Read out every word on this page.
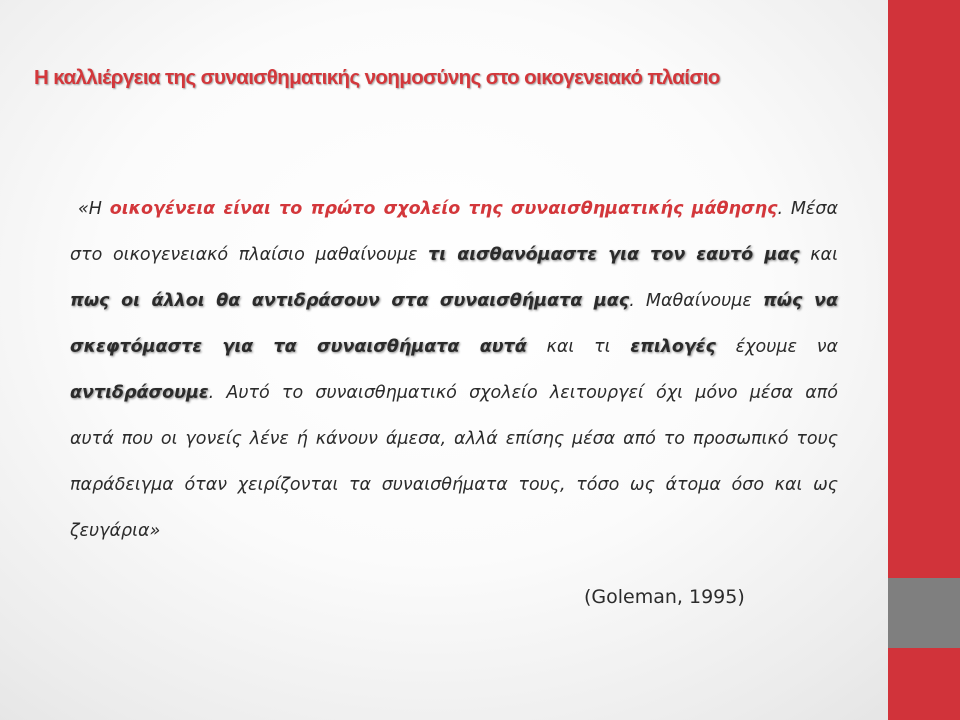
Η καλλιέργεια της συναισθηματικής νοημοσύνης στο οικογενειακό πλαίσιο

«Η οικογένεια είναι το πρώτο σχολείο της συναισθηματικής μάθησης. Μέσα στο οικογενειακό πλαίσιο μαθαίνουμε τι αισθανόμαστε για τον εαυτό μας και πως οι άλλοι θα αντιδράσουν στα συναισθήματα μας. Μαθαίνουμε πώς να σκεφτόμαστε για τα συναισθήματα αυτά και τι επιλογές έχουμε να αντιδράσουμε. Αυτό το συναισθηματικό σχολείο λειτουργεί όχι μόνο μέσα από αυτά που οι γονείς λένε ή κάνουν άμεσα, αλλά επίσης μέσα από το προσωπικό τους παράδειγμα όταν χειρίζονται τα συναισθήματα τους, τόσο ως άτομα όσο και ως ζευγάρια»

(Goleman, 1995)
